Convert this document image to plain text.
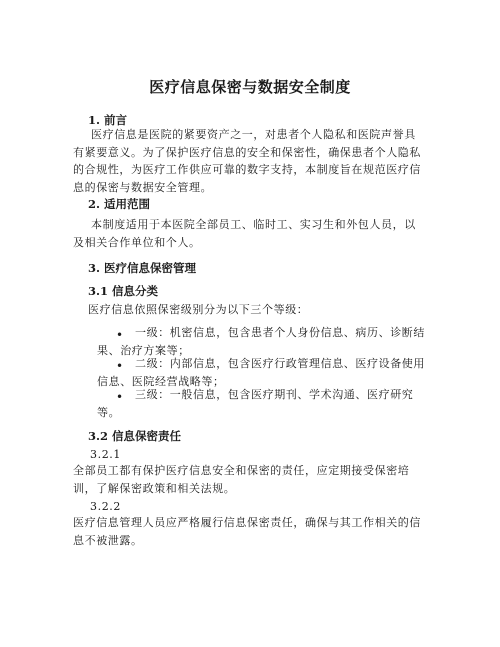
医疗信息保密与数据安全制度
1. 前言
医疗信息是医院的紧要资产之一，对患者个人隐私和医院声誉具有紧要意义。为了保护医疗信息的安全和保密性，确保患者个人隐私的合规性，为医疗工作供应可靠的数字支持，本制度旨在规范医疗信息的保密与数据安全管理。
2. 适用范围
本制度适用于本医院全部员工、临时工、实习生和外包人员，以及相关合作单位和个人。
3. 医疗信息保密管理
3.1 信息分类
医疗信息依照保密级别分为以下三个等级：
•	一级：机密信息，包含患者个人身份信息、病历、诊断结果、治疗方案等；
•	二级：内部信息，包含医疗行政管理信息、医疗设备使用信息、医院经营战略等；
•	三级：一般信息，包含医疗期刊、学术沟通、医疗研究等。
3.2 信息保密责任
3.2.1
全部员工都有保护医疗信息安全和保密的责任，应定期接受保密培训，了解保密政策和相关法规。
3.2.2
医疗信息管理人员应严格履行信息保密责任，确保与其工作相关的信息不被泄露。
